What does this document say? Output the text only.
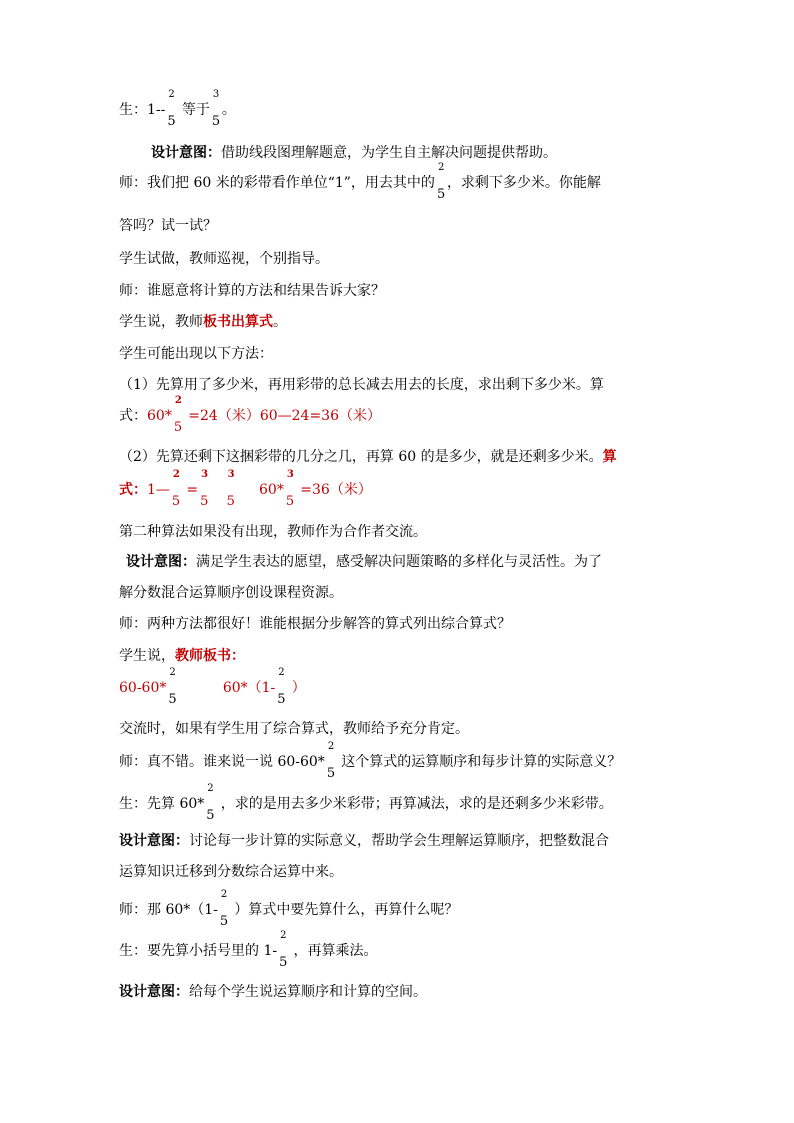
生：1--
2
5
等于
3
5
。
设计意图：借助线段图理解题意，为学生自主解决问题提供帮助。
师：我们把 60 米的彩带看作单位“1”，用去其中的
2
5
，求剩下多少米。你能解
答吗？试一试？
学生试做，教师巡视，个别指导。
师：谁愿意将计算的方法和结果告诉大家？
学生说，教师板书出算式。
学生可能出现以下方法：
（1）先算用了多少米，再用彩带的总长减去用去的长度，求出剩下多少米。算
式：60*
2
5
=24（米）60—24=36（米）
（2）先算还剩下这捆彩带的几分之几，再算 60 的是多少，就是还剩多少米。算
式：1—
2
5
=
3
5

3
5
60*
3
5
=36（米）
第二种算法如果没有出现，教师作为合作者交流。
设计意图：满足学生表达的愿望，感受解决问题策略的多样化与灵活性。为了
解分数混合运算顺序创设课程资源。
师：两种方法都很好！谁能根据分步解答的算式列出综合算式？
学生说，教师板书：
60-60*
2
5
60*（1-
2
5
）
交流时，如果有学生用了综合算式，教师给予充分肯定。
师：真不错。谁来说一说 60-60*
2
5
这个算式的运算顺序和每步计算的实际意义？
生：先算 60*
2
5
，求的是用去多少米彩带；再算减法，求的是还剩多少米彩带。
设计意图：讨论每一步计算的实际意义，帮助学会生理解运算顺序，把整数混合
运算知识迁移到分数综合运算中来。
师：那 60*（1-
2
5
）算式中要先算什么，再算什么呢？
生：要先算小括号里的 1-
2
5
，再算乘法。
设计意图：给每个学生说运算顺序和计算的空间。
